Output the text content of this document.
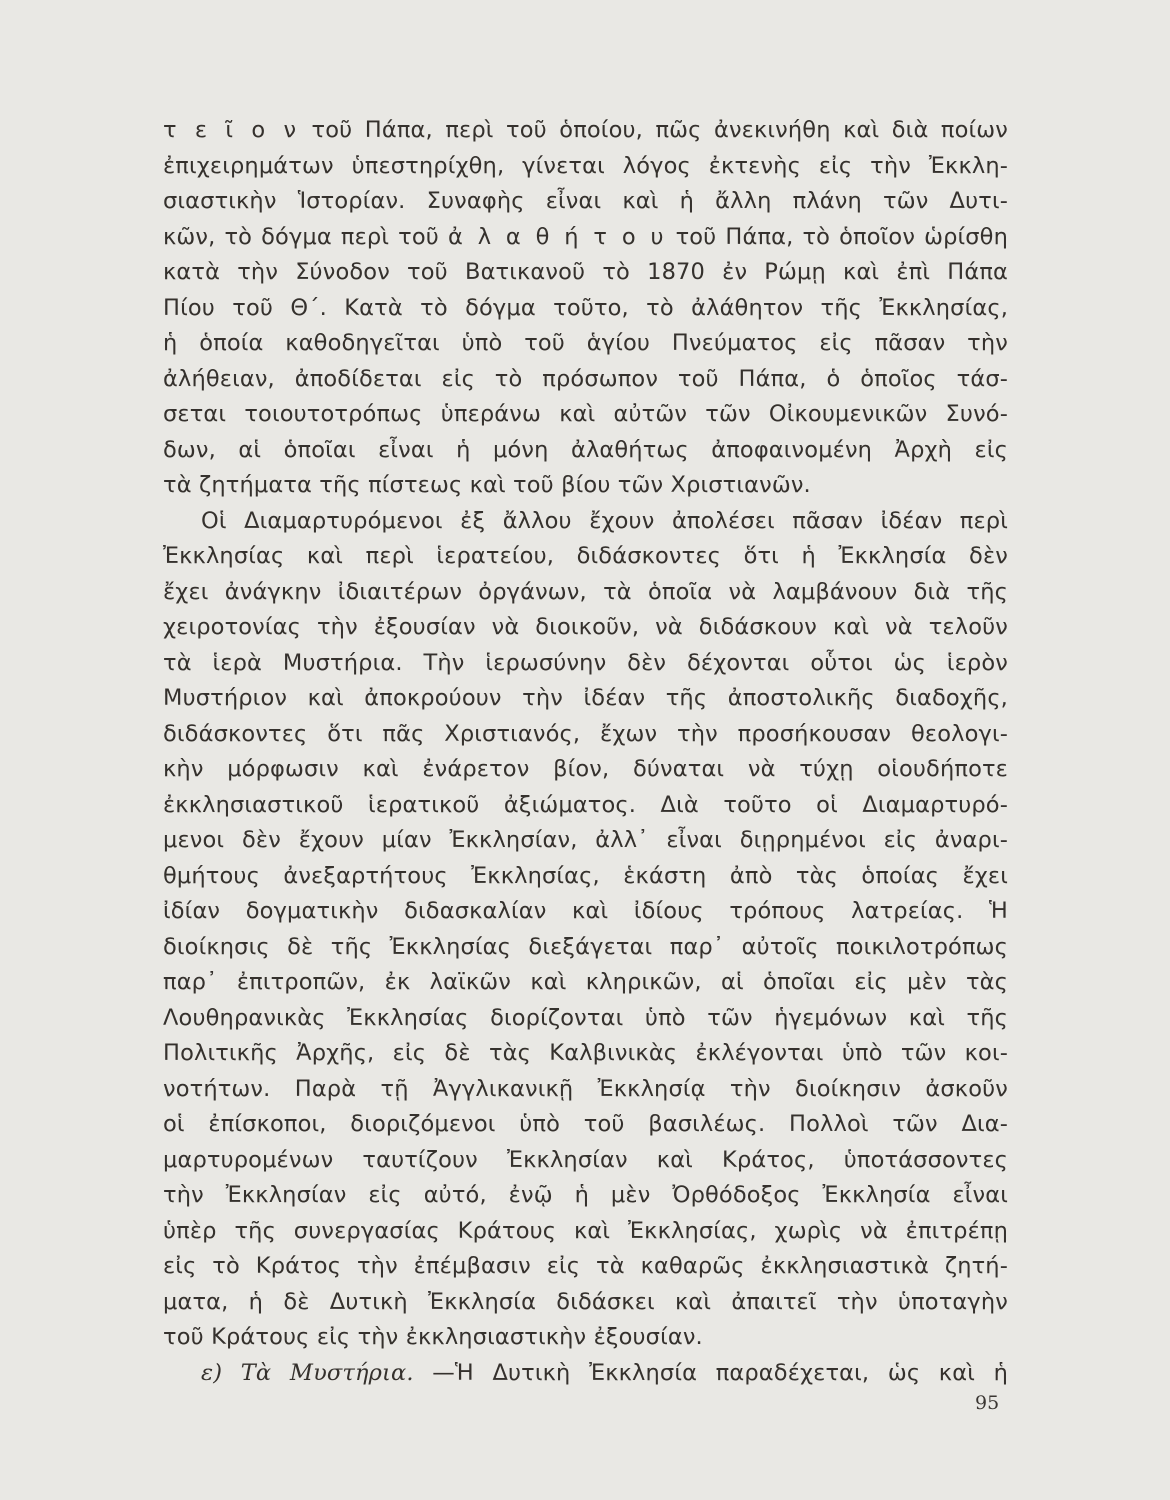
τ ε ῖ ο ν τοῦ Πάπα, περὶ τοῦ ὁποίου, πῶς ἀνεκινήθη καὶ διὰ ποίων
ἐπιχειρημάτων ὑπεστηρίχθη, γίνεται λόγος ἐκτενὴς εἰς τὴν Ἐκκλη-
σιαστικὴν Ἱστορίαν. Συναφὴς εἶναι καὶ ἡ ἄλλη πλάνη τῶν Δυτι-
κῶν, τὸ δόγμα περὶ τοῦ ἀ λ α θ ή τ ο υ τοῦ Πάπα, τὸ ὁποῖον ὡρίσθη
κατὰ τὴν Σύνοδον τοῦ Βατικανοῦ τὸ 1870 ἐν Ρώμῃ καὶ ἐπὶ Πάπα
Πίου τοῦ Θ΄. Κατὰ τὸ δόγμα τοῦτο, τὸ ἀλάθητον τῆς Ἐκκλησίας,
ἡ ὁποία καθοδηγεῖται ὑπὸ τοῦ ἁγίου Πνεύματος εἰς πᾶσαν τὴν
ἀλήθειαν, ἀποδίδεται εἰς τὸ πρόσωπον τοῦ Πάπα, ὁ ὁποῖος τάσ-
σεται τοιουτοτρόπως ὑπεράνω καὶ αὐτῶν τῶν Οἰκουμενικῶν Συνό-
δων, αἱ ὁποῖαι εἶναι ἡ μόνη ἀλαθήτως ἀποφαινομένη Ἀρχὴ εἰς
τὰ ζητήματα τῆς πίστεως καὶ τοῦ βίου τῶν Χριστιανῶν.
Οἱ Διαμαρτυρόμενοι ἐξ ἄλλου ἔχουν ἀπολέσει πᾶσαν ἰδέαν περὶ
Ἐκκλησίας καὶ περὶ ἱερατείου, διδάσκοντες ὅτι ἡ Ἐκκλησία δὲν
ἔχει ἀνάγκην ἰδιαιτέρων ὀργάνων, τὰ ὁποῖα νὰ λαμβάνουν διὰ τῆς
χειροτονίας τὴν ἐξουσίαν νὰ διοικοῦν, νὰ διδάσκουν καὶ νὰ τελοῦν
τὰ ἱερὰ Μυστήρια. Τὴν ἱερωσύνην δὲν δέχονται οὗτοι ὡς ἱερὸν
Μυστήριον καὶ ἀποκρούουν τὴν ἰδέαν τῆς ἀποστολικῆς διαδοχῆς,
διδάσκοντες ὅτι πᾶς Χριστιανός, ἔχων τὴν προσήκουσαν θεολογι-
κὴν μόρφωσιν καὶ ἐνάρετον βίον, δύναται νὰ τύχῃ οἱουδήποτε
ἐκκλησιαστικοῦ ἱερατικοῦ ἀξιώματος. Διὰ τοῦτο οἱ Διαμαρτυρό-
μενοι δὲν ἔχουν μίαν Ἐκκλησίαν, ἀλλ᾽ εἶναι διῃρημένοι εἰς ἀναρι-
θμήτους ἀνεξαρτήτους Ἐκκλησίας, ἑκάστη ἀπὸ τὰς ὁποίας ἔχει
ἰδίαν δογματικὴν διδασκαλίαν καὶ ἰδίους τρόπους λατρείας. Ἡ
διοίκησις δὲ τῆς Ἐκκλησίας διεξάγεται παρ᾽ αὐτοῖς ποικιλοτρόπως
παρ᾽ ἐπιτροπῶν, ἐκ λαϊκῶν καὶ κληρικῶν, αἱ ὁποῖαι εἰς μὲν τὰς
Λουθηρανικὰς Ἐκκλησίας διορίζονται ὑπὸ τῶν ἡγεμόνων καὶ τῆς
Πολιτικῆς Ἀρχῆς, εἰς δὲ τὰς Καλβινικὰς ἐκλέγονται ὑπὸ τῶν κοι-
νοτήτων. Παρὰ τῇ Ἀγγλικανικῇ Ἐκκλησίᾳ τὴν διοίκησιν ἀσκοῦν
οἱ ἐπίσκοποι, διοριζόμενοι ὑπὸ τοῦ βασιλέως. Πολλοὶ τῶν Δια-
μαρτυρομένων ταυτίζουν Ἐκκλησίαν καὶ Κράτος, ὑποτάσσοντες
τὴν Ἐκκλησίαν εἰς αὐτό, ἐνῷ ἡ μὲν Ὀρθόδοξος Ἐκκλησία εἶναι
ὑπὲρ τῆς συνεργασίας Κράτους καὶ Ἐκκλησίας, χωρὶς νὰ ἐπιτρέπῃ
εἰς τὸ Κράτος τὴν ἐπέμβασιν εἰς τὰ καθαρῶς ἐκκλησιαστικὰ ζητή-
ματα, ἡ δὲ Δυτικὴ Ἐκκλησία διδάσκει καὶ ἀπαιτεῖ τὴν ὑποταγὴν
τοῦ Κράτους εἰς τὴν ἐκκλησιαστικὴν ἐξουσίαν.
ε) Τὰ Μυστήρια. —Ἡ Δυτικὴ Ἐκκλησία παραδέχεται, ὡς καὶ ἡ
95
